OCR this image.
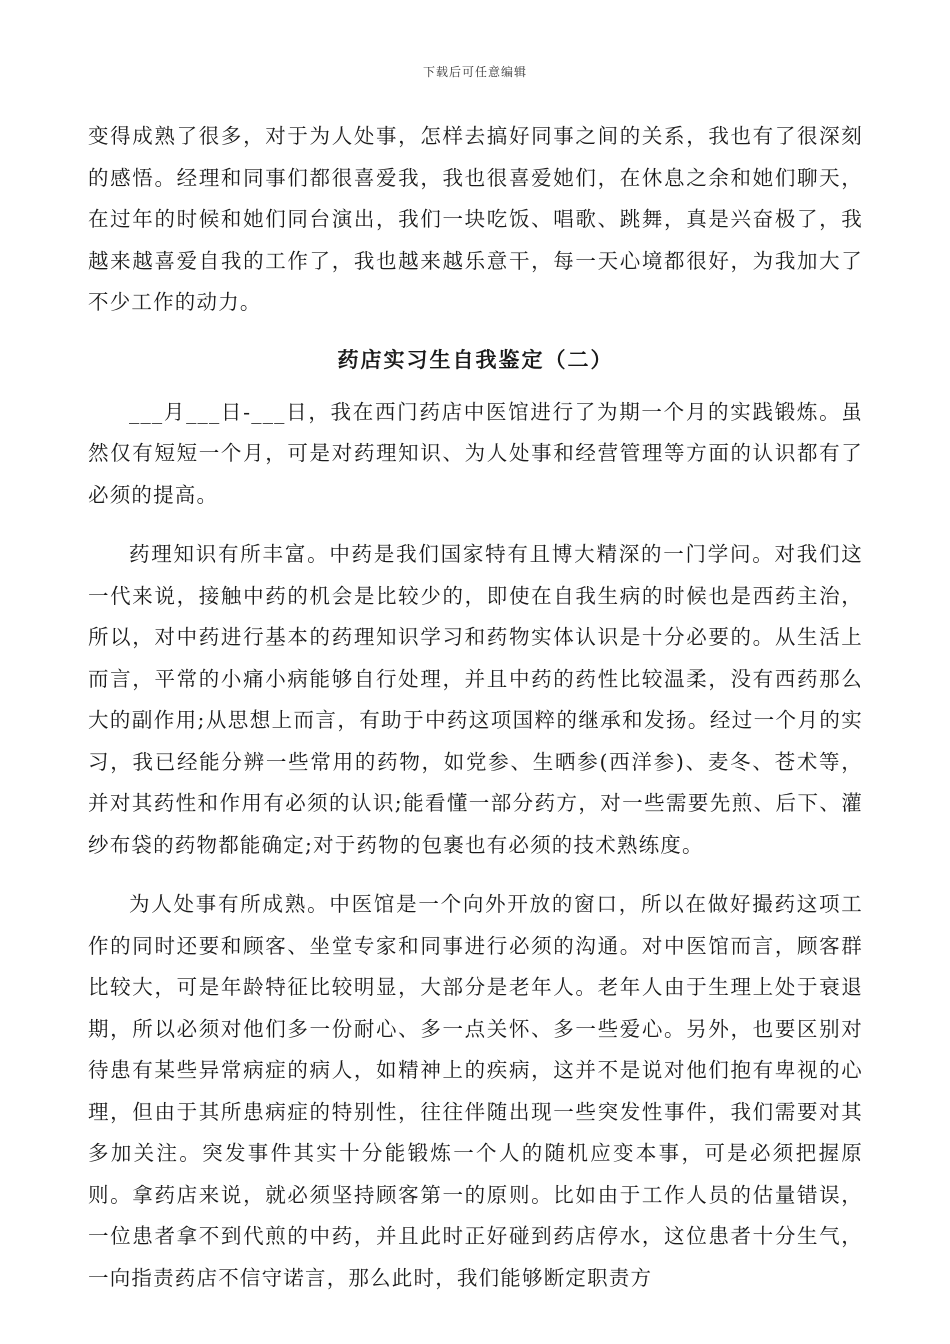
下载后可任意编辑

变得成熟了很多，对于为人处事，怎样去搞好同事之间的关系，我也有了很深刻的感悟。经理和同事们都很喜爱我，我也很喜爱她们，在休息之余和她们聊天，在过年的时候和她们同台演出，我们一块吃饭、唱歌、跳舞，真是兴奋极了，我越来越喜爱自我的工作了，我也越来越乐意干，每一天心境都很好，为我加大了不少工作的动力。

药店实习生自我鉴定（二）

___月___日-___日，我在西门药店中医馆进行了为期一个月的实践锻炼。虽然仅有短短一个月，可是对药理知识、为人处事和经营管理等方面的认识都有了必须的提高。

药理知识有所丰富。中药是我们国家特有且博大精深的一门学问。对我们这一代来说，接触中药的机会是比较少的，即使在自我生病的时候也是西药主治，所以，对中药进行基本的药理知识学习和药物实体认识是十分必要的。从生活上而言，平常的小痛小病能够自行处理，并且中药的药性比较温柔，没有西药那么大的副作用;从思想上而言，有助于中药这项国粹的继承和发扬。经过一个月的实习，我已经能分辨一些常用的药物，如党参、生晒参(西洋参)、麦冬、苍术等，并对其药性和作用有必须的认识;能看懂一部分药方，对一些需要先煎、后下、灌纱布袋的药物都能确定;对于药物的包裹也有必须的技术熟练度。

为人处事有所成熟。中医馆是一个向外开放的窗口，所以在做好撮药这项工作的同时还要和顾客、坐堂专家和同事进行必须的沟通。对中医馆而言，顾客群比较大，可是年龄特征比较明显，大部分是老年人。老年人由于生理上处于衰退期，所以必须对他们多一份耐心、多一点关怀、多一些爱心。另外，也要区别对待患有某些异常病症的病人，如精神上的疾病，这并不是说对他们抱有卑视的心理，但由于其所患病症的特别性，往往伴随出现一些突发性事件，我们需要对其多加关注。突发事件其实十分能锻炼一个人的随机应变本事，可是必须把握原则。拿药店来说，就必须坚持顾客第一的原则。比如由于工作人员的估量错误，一位患者拿不到代煎的中药，并且此时正好碰到药店停水，这位患者十分生气，一向指责药店不信守诺言，那么此时，我们能够断定职责方
